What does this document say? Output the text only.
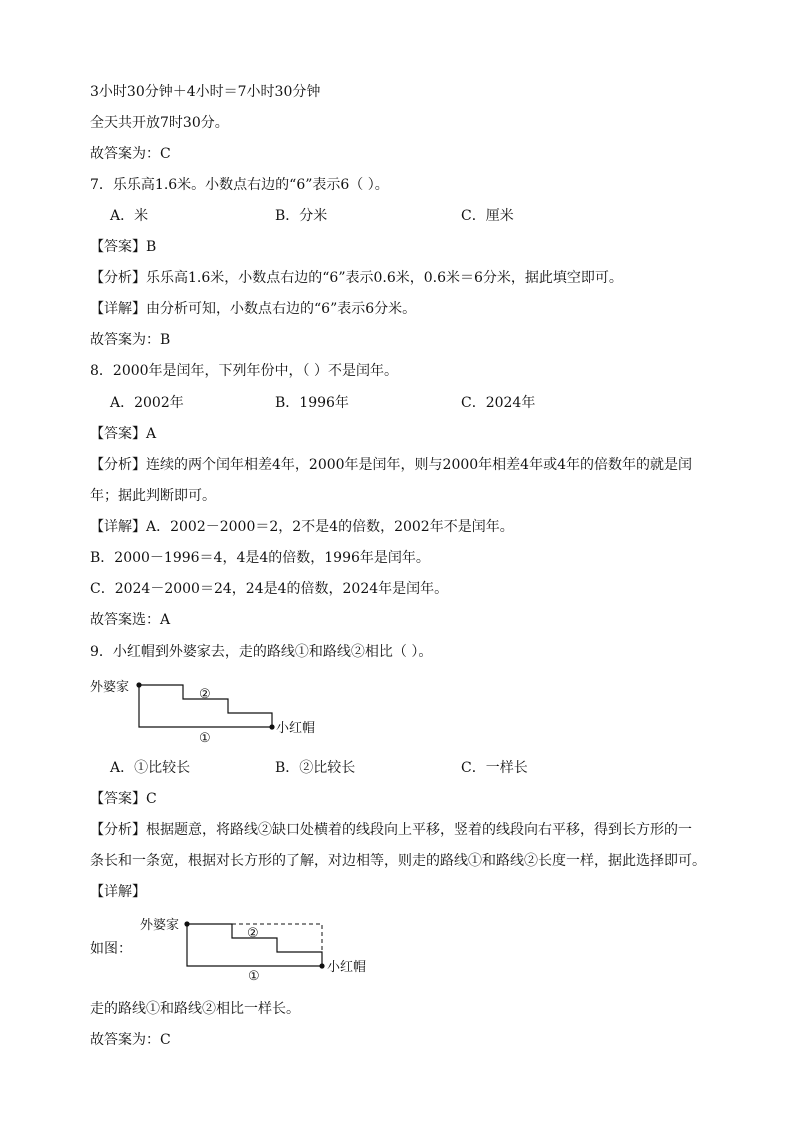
3小时30分钟＋4小时＝7小时30分钟
全天共开放7时30分。
故答案为：C
7．乐乐高1.6米。小数点右边的“6”表示6（ ）。
A．米	B．分米	C．厘米
【答案】B
【分析】乐乐高1.6米，小数点右边的“6”表示0.6米，0.6米＝6分米，据此填空即可。
【详解】由分析可知，小数点右边的“6”表示6分米。
故答案为：B
8．2000年是闰年，下列年份中，（ ）不是闰年。
A．2002年	B．1996年	C．2024年
【答案】A
【分析】连续的两个闰年相差4年，2000年是闰年，则与2000年相差4年或4年的倍数年的就是闰
年；据此判断即可。
【详解】A．2002－2000＝2，2不是4的倍数，2002年不是闰年。
B．2000－1996＝4，4是4的倍数，1996年是闰年。
C．2024－2000＝24，24是4的倍数，2024年是闰年。
故答案选：A
9．小红帽到外婆家去，走的路线①和路线②相比（ ）。
外婆家
小红帽
②
①
A．①比较长	B．②比较长	C．一样长
【答案】C
【分析】根据题意，将路线②缺口处横着的线段向上平移，竖着的线段向右平移，得到长方形的一
条长和一条宽，根据对长方形的了解，对边相等，则走的路线①和路线②长度一样，据此选择即可。
【详解】
如图：
外婆家
小红帽
②
①
走的路线①和路线②相比一样长。
故答案为：C
